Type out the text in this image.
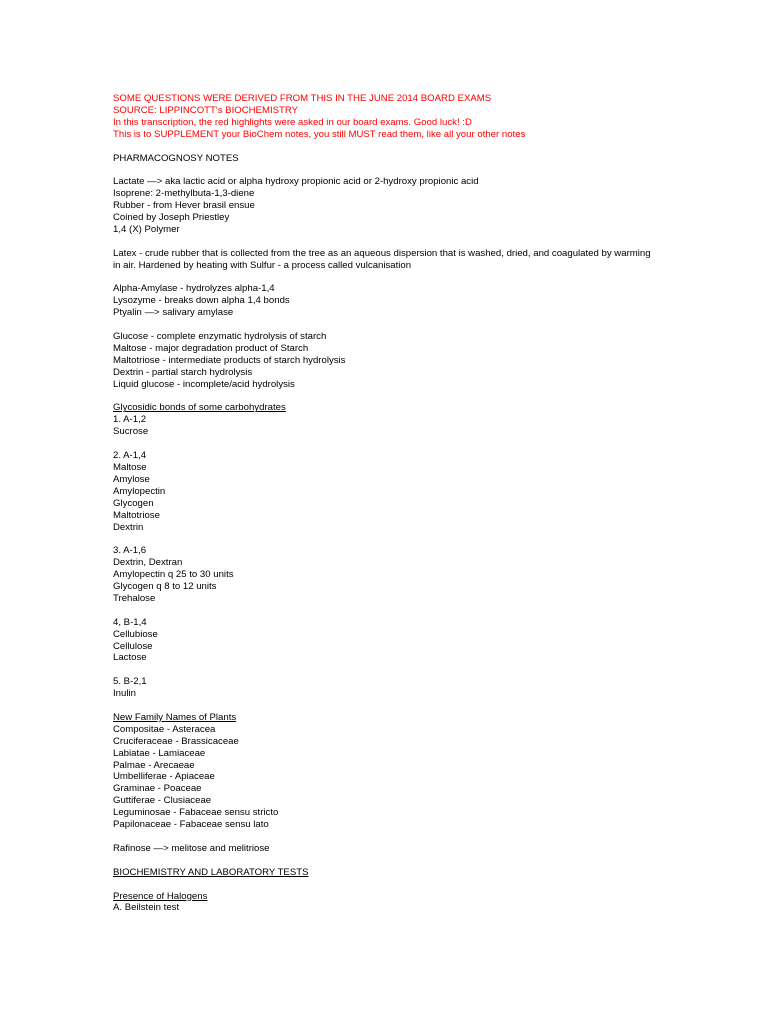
SOME QUESTIONS WERE DERIVED FROM THIS IN THE JUNE 2014 BOARD EXAMS
SOURCE: LIPPINCOTT's BIOCHEMISTRY
In this transcription, the red highlights were asked in our board exams. Good luck! :D
This is to SUPPLEMENT your BioChem notes, you still MUST read them, like all your other notes
PHARMACOGNOSY NOTES
Lactate —> aka lactic acid or alpha hydroxy propionic acid or 2-hydroxy propionic acid
Isoprene: 2-methylbuta-1,3-diene
Rubber - from Hever brasil ensue
Coined by Joseph Priestley
1,4 (X) Polymer
Latex - crude rubber that is collected from the tree as an aqueous dispersion that is washed, dried, and coagulated by warming in air. Hardened by heating with Sulfur - a process called vulcanisation
Alpha-Amylase - hydrolyzes alpha-1,4
Lysozyme - breaks down alpha 1,4 bonds
Ptyalin —> salivary amylase
Glucose - complete enzymatic hydrolysis of starch
Maltose - major degradation product of Starch
Maltotriose - intermediate products of starch hydrolysis
Dextrin - partial starch hydrolysis
Liquid glucose - incomplete/acid hydrolysis
Glycosidic bonds of some carbohydrates
1. A-1,2
Sucrose
2. A-1,4
Maltose
Amylose
Amylopectin
Glycogen
Maltotriose
Dextrin
3. A-1,6
Dextrin, Dextran
Amylopectin q 25 to 30 units
Glycogen q 8 to 12 units
Trehalose
4, B-1,4
Cellubiose
Cellulose
Lactose
5. B-2,1
Inulin
New Family Names of Plants
Compositae - Asteracea
Cruciferaceae - Brassicaceae
Labiatae - Lamiaceae
Palmae - Arecaeae
Umbelliferae - Apiaceae
Graminae - Poaceae
Guttiferae - Clusiaceae
Leguminosae - Fabaceae sensu stricto
Papilonaceae - Fabaceae sensu lato
Rafinose —> melitose and melitriose
BIOCHEMISTRY AND LABORATORY TESTS
Presence of Halogens
A. Beilstein test
